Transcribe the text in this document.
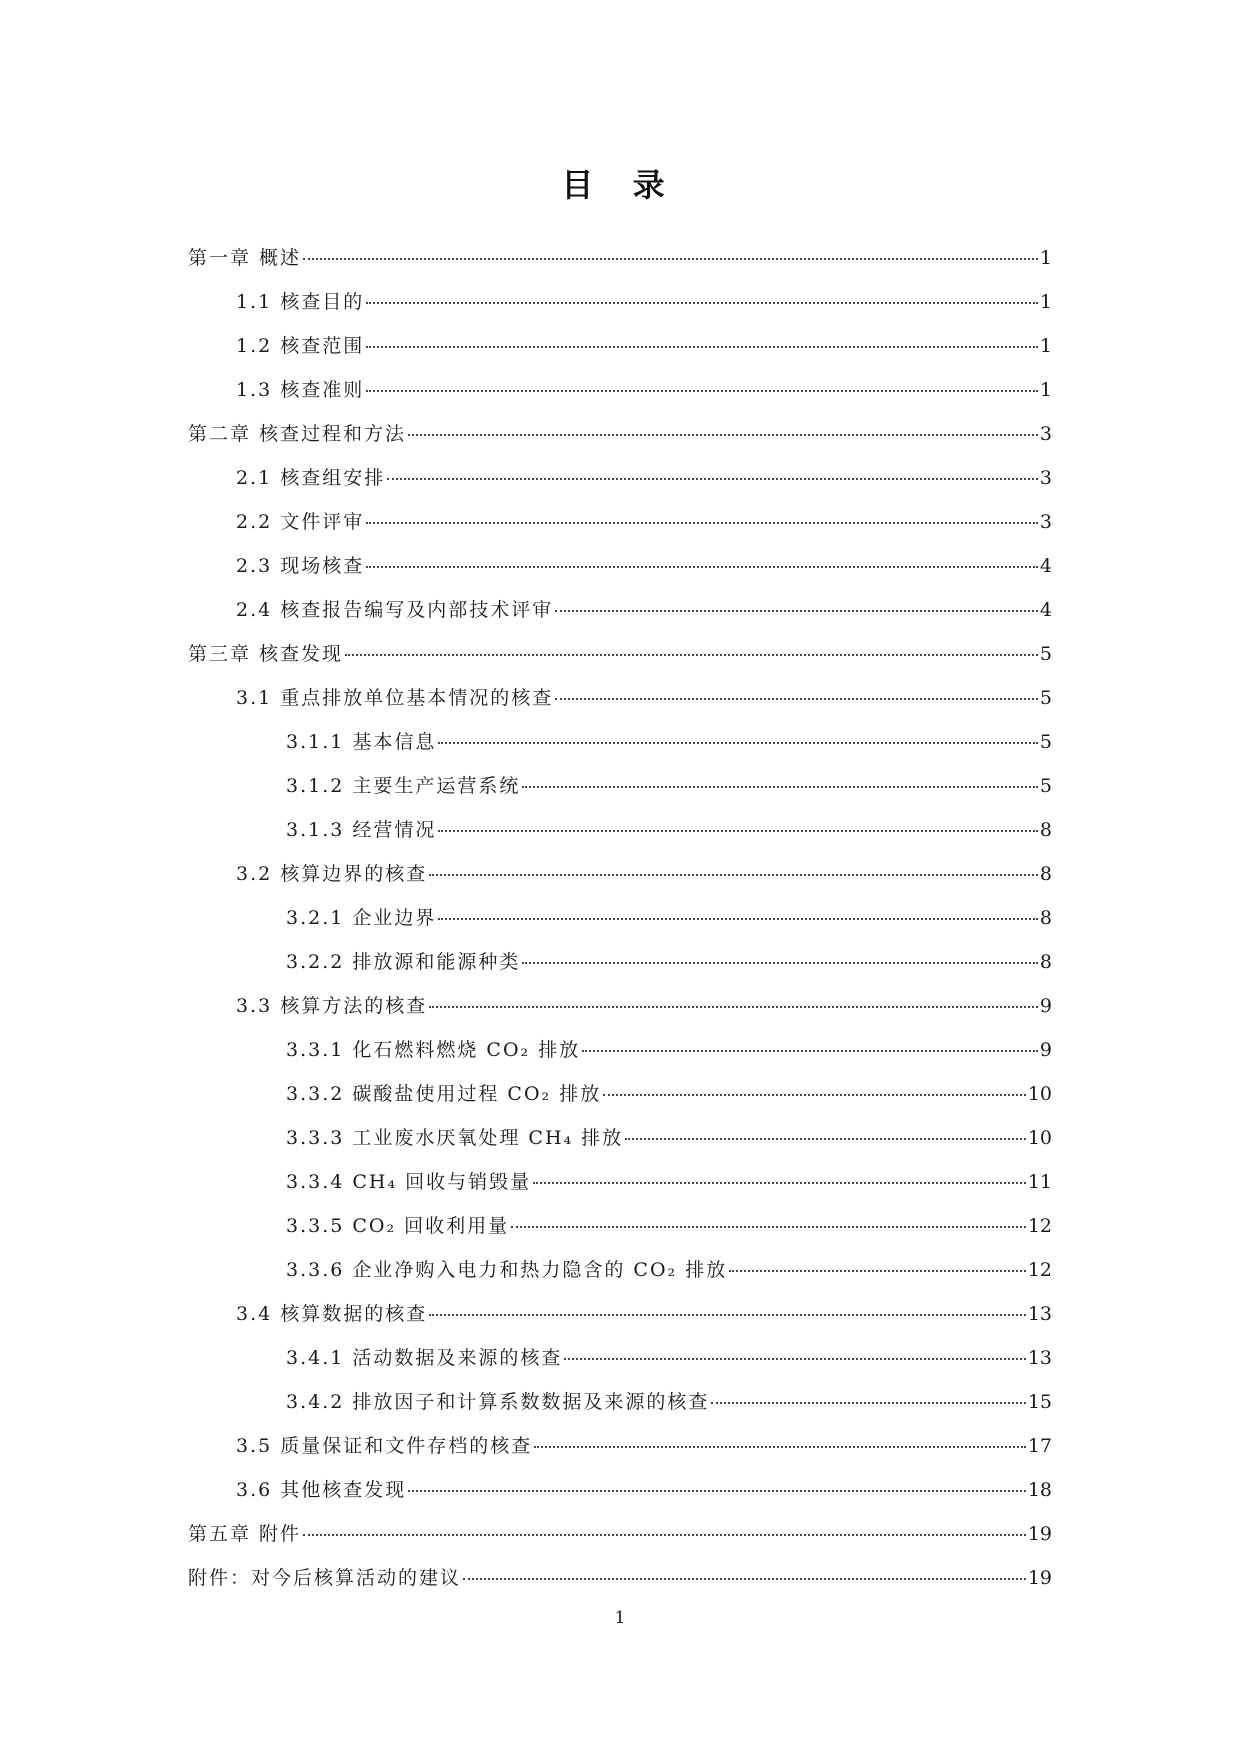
目 录
第一章 概述	1
1.1 核查目的	1
1.2 核查范围	1
1.3 核查准则	1
第二章 核查过程和方法	3
2.1 核查组安排	3
2.2 文件评审	3
2.3 现场核查	4
2.4 核查报告编写及内部技术评审	4
第三章 核查发现	5
3.1 重点排放单位基本情况的核查	5
3.1.1 基本信息	5
3.1.2 主要生产运营系统	5
3.1.3 经营情况	8
3.2 核算边界的核查	8
3.2.1 企业边界	8
3.2.2 排放源和能源种类	8
3.3 核算方法的核查	9
3.3.1 化石燃料燃烧 CO₂ 排放	9
3.3.2 碳酸盐使用过程 CO₂ 排放	10
3.3.3 工业废水厌氧处理 CH₄ 排放	10
3.3.4 CH₄ 回收与销毁量	11
3.3.5 CO₂ 回收利用量	12
3.3.6 企业净购入电力和热力隐含的 CO₂ 排放	12
3.4 核算数据的核查	13
3.4.1 活动数据及来源的核查	13
3.4.2 排放因子和计算系数数据及来源的核查	15
3.5 质量保证和文件存档的核查	17
3.6 其他核查发现	18
第五章 附件	19
附件：对今后核算活动的建议	19
1
